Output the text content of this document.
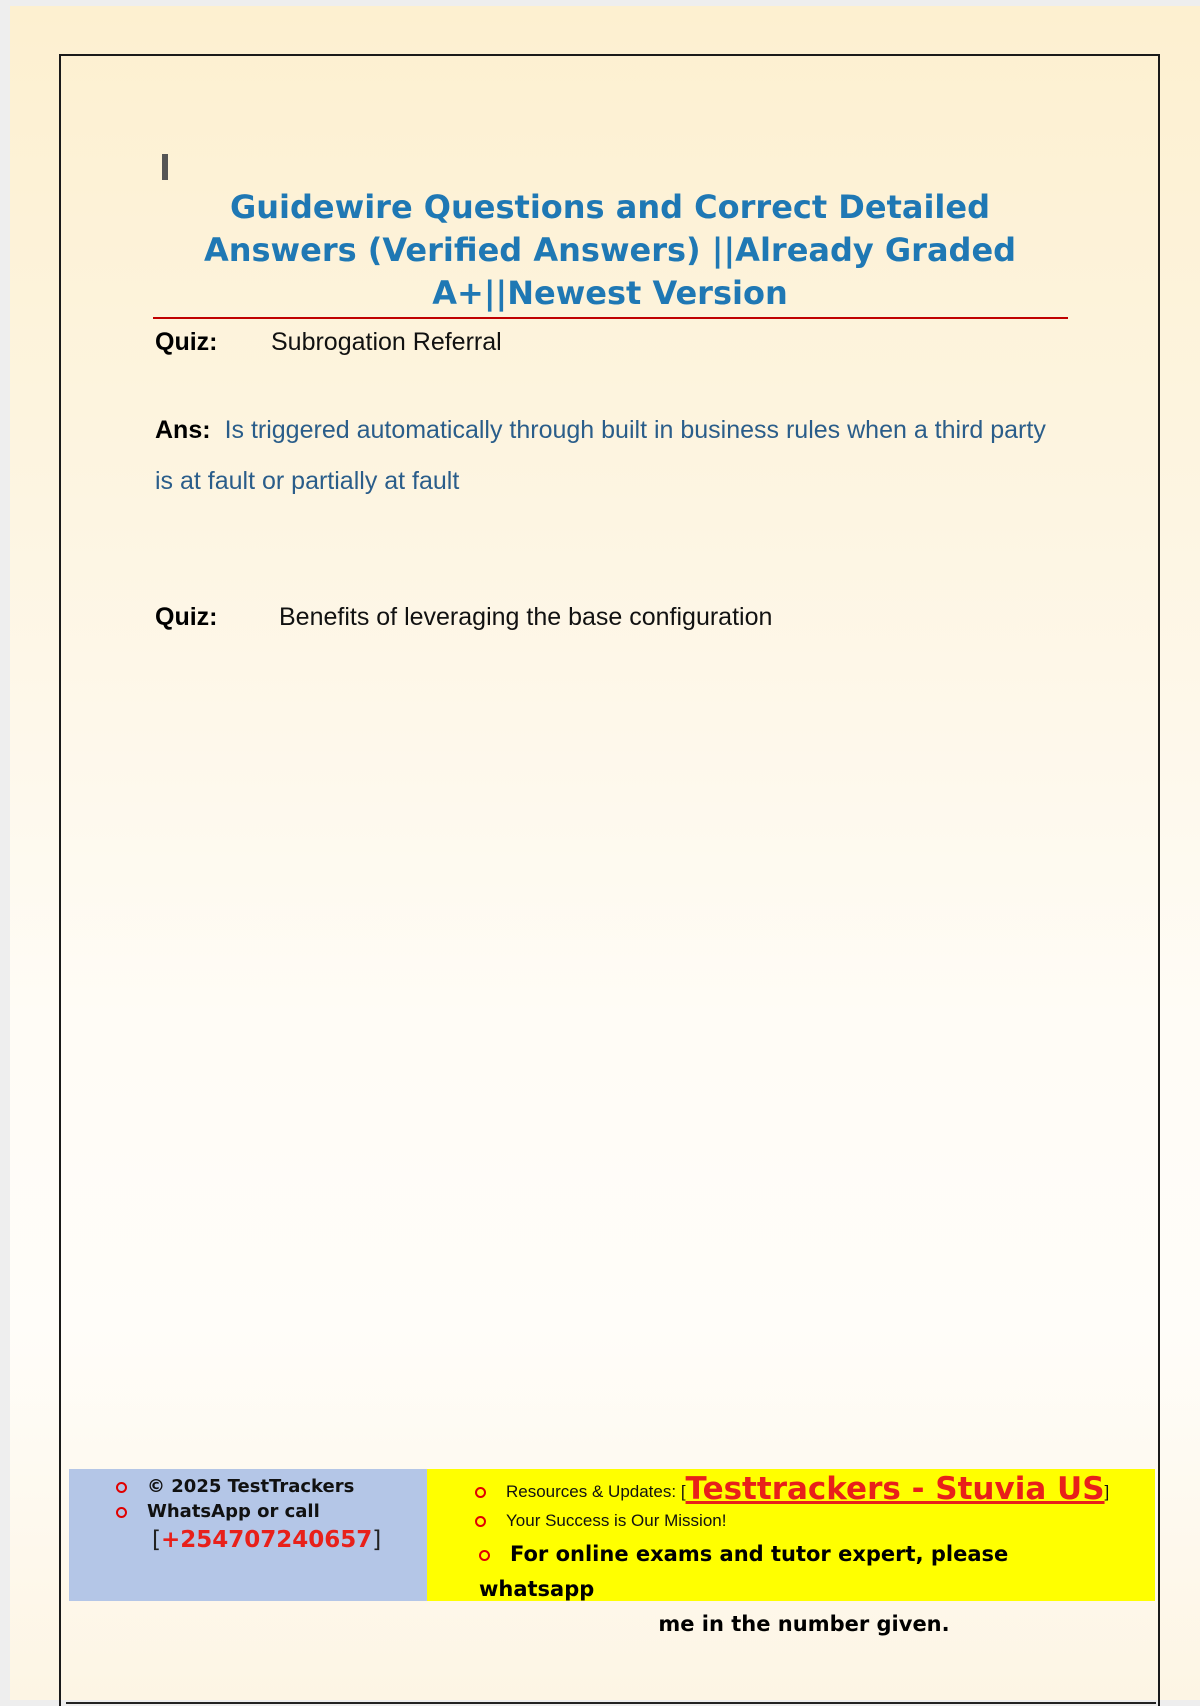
Guidewire Questions and Correct Detailed Answers (Verified Answers) ||Already Graded A+||Newest Version
Quiz: Subrogation Referral
Ans: Is triggered automatically through built in business rules when a third party is at fault or partially at fault
Quiz: Benefits of leveraging the base configuration
© 2025 TestTrackers
WhatsApp or call
[+254707240657]
Resources & Updates: [Testtrackers - Stuvia US]
Your Success is Our Mission!
For online exams and tutor expert, please whatsapp
me in the number given.
